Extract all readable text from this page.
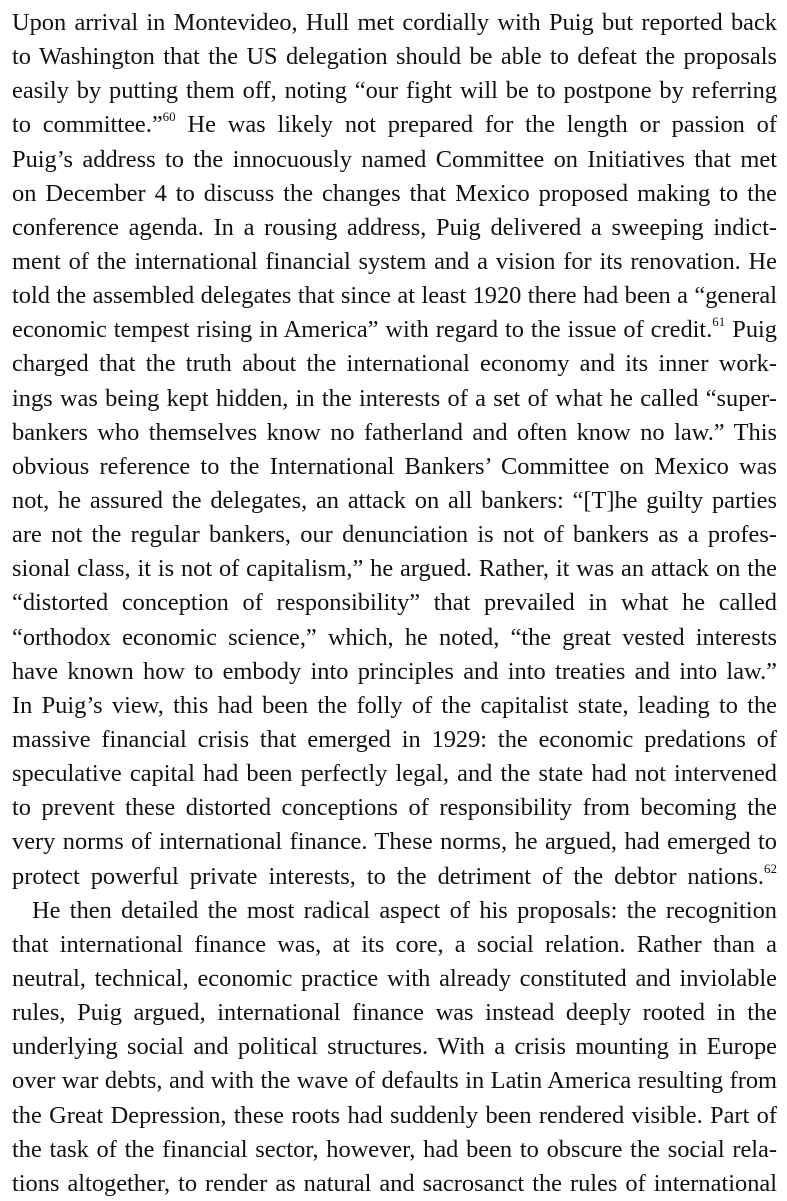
Upon arrival in Montevideo, Hull met cordially with Puig but reported back
to Washington that the US delegation should be able to defeat the proposals
easily by putting them off, noting “our fight will be to postpone by referring
to committee.”$^{60}$ He was likely not prepared for the length or passion of
Puig’s address to the innocuously named Committee on Initiatives that met
on December 4 to discuss the changes that Mexico proposed making to the
conference agenda. In a rousing address, Puig delivered a sweeping indict-
ment of the international financial system and a vision for its renovation. He
told the assembled delegates that since at least 1920 there had been a “general
economic tempest rising in America” with regard to the issue of credit.$^{61}$ Puig
charged that the truth about the international economy and its inner work-
ings was being kept hidden, in the interests of a set of what he called “super-
bankers who themselves know no fatherland and often know no law.” This
obvious reference to the International Bankers’ Committee on Mexico was
not, he assured the delegates, an attack on all bankers: “[T]he guilty parties
are not the regular bankers, our denunciation is not of bankers as a profes-
sional class, it is not of capitalism,” he argued. Rather, it was an attack on the
“distorted conception of responsibility” that prevailed in what he called
“orthodox economic science,” which, he noted, “the great vested interests
have known how to embody into principles and into treaties and into law.”
In Puig’s view, this had been the folly of the capitalist state, leading to the
massive financial crisis that emerged in 1929: the economic predations of
speculative capital had been perfectly legal, and the state had not intervened
to prevent these distorted conceptions of responsibility from becoming the
very norms of international finance. These norms, he argued, had emerged to
protect powerful private interests, to the detriment of the debtor nations.$^{62}$
He then detailed the most radical aspect of his proposals: the recognition
that international finance was, at its core, a social relation. Rather than a
neutral, technical, economic practice with already constituted and inviolable
rules, Puig argued, international finance was instead deeply rooted in the
underlying social and political structures. With a crisis mounting in Europe
over war debts, and with the wave of defaults in Latin America resulting from
the Great Depression, these roots had suddenly been rendered visible. Part of
the task of the financial sector, however, had been to obscure the social rela-
tions altogether, to render as natural and sacrosanct the rules of international
